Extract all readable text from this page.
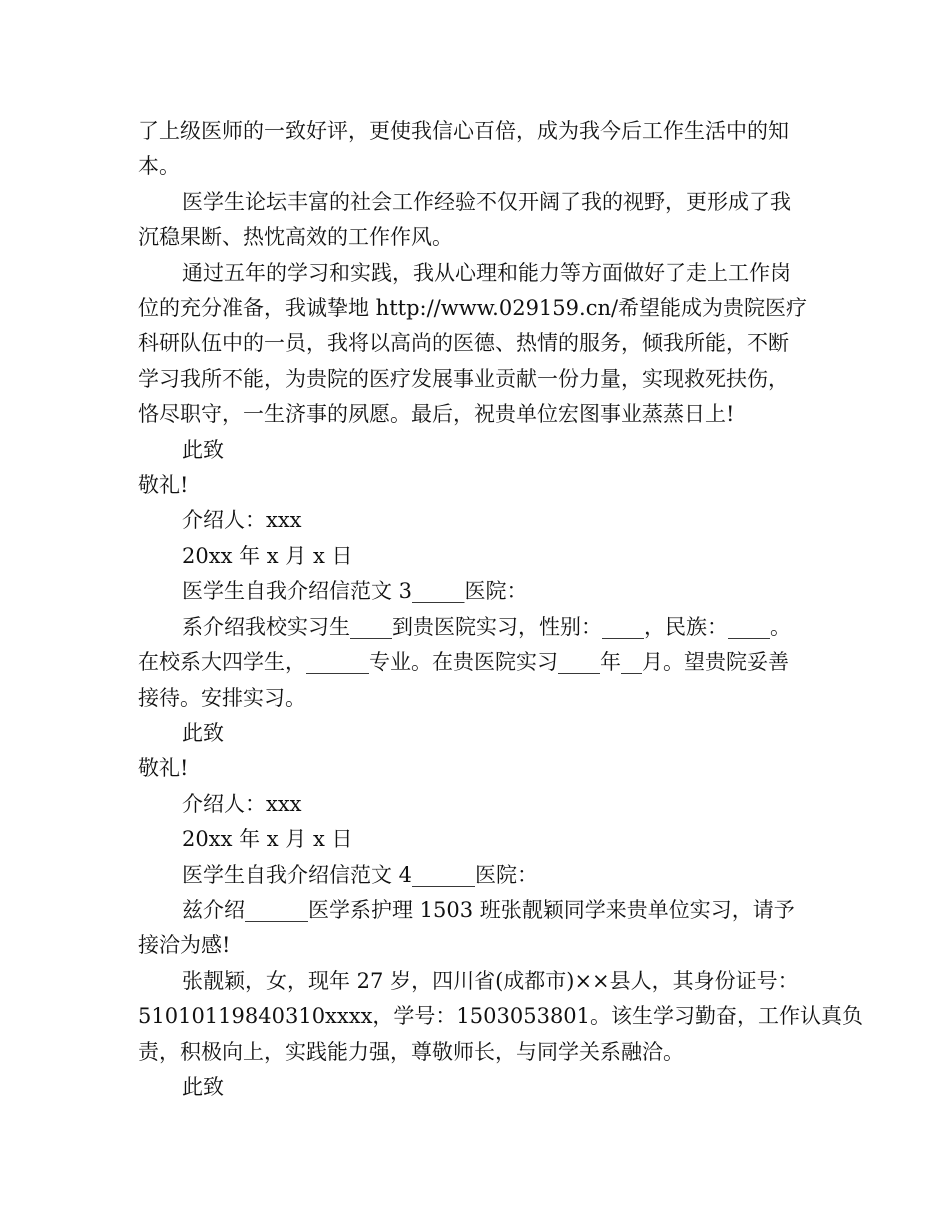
了上级医师的一致好评，更使我信心百倍，成为我今后工作生活中的知

本。

医学生论坛丰富的社会工作经验不仅开阔了我的视野，更形成了我

沉稳果断、热忱高效的工作作风。

通过五年的学习和实践，我从心理和能力等方面做好了走上工作岗

位的充分准备，我诚挚地 http://www.029159.cn/希望能成为贵院医疗

科研队伍中的一员，我将以高尚的医德、热情的服务，倾我所能，不断

学习我所不能，为贵院的医疗发展事业贡献一份力量，实现救死扶伤，

恪尽职守，一生济事的夙愿。最后，祝贵单位宏图事业蒸蒸日上!

此致

敬礼!

介绍人：xxx

20xx 年 x 月 x 日

医学生自我介绍信范文 3_____医院：

系介绍我校实习生____到贵医院实习，性别：____，民族：____。

在校系大四学生，______专业。在贵医院实习____年__月。望贵院妥善

接待。安排实习。

此致

敬礼!

介绍人：xxx

20xx 年 x 月 x 日

医学生自我介绍信范文 4______医院：

兹介绍______医学系护理 1503 班张靓颖同学来贵单位实习，请予

接洽为感!

张靓颖，女，现年 27 岁，四川省(成都市)××县人，其身份证号：

51010119840310xxxx，学号：1503053801。该生学习勤奋，工作认真负

责，积极向上，实践能力强，尊敬师长，与同学关系融洽。

此致
